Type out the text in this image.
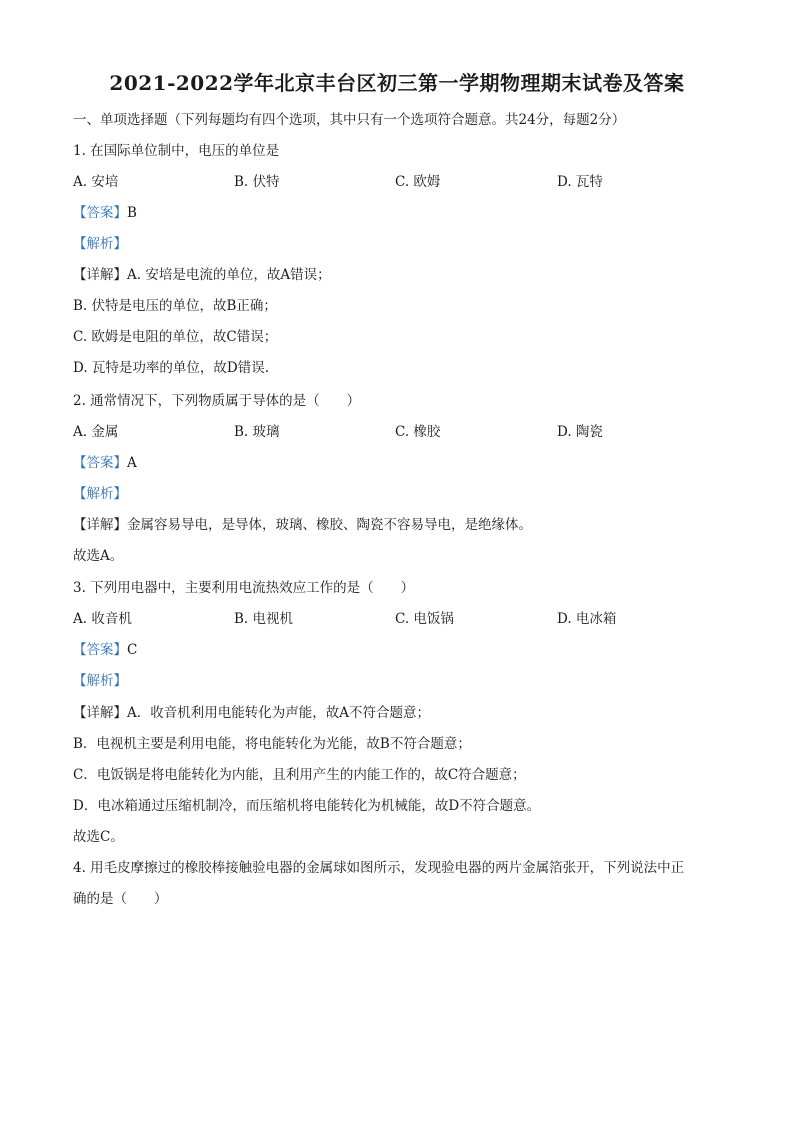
2021-2022学年北京丰台区初三第一学期物理期末试卷及答案
一、单项选择题（下列每题均有四个选项，其中只有一个选项符合题意。共24分，每题2分）
1. 在国际单位制中，电压的单位是
A. 安培	B. 伏特	C. 欧姆	D. 瓦特
【答案】B
【解析】
【详解】A. 安培是电流的单位，故A错误；
B. 伏特是电压的单位，故B正确；
C. 欧姆是电阻的单位，故C错误；
D. 瓦特是功率的单位，故D错误.
2. 通常情况下，下列物质属于导体的是（　　）
A. 金属	B. 玻璃	C. 橡胶	D. 陶瓷
【答案】A
【解析】
【详解】金属容易导电，是导体，玻璃、橡胶、陶瓷不容易导电，是绝缘体。
故选A。
3. 下列用电器中，主要利用电流热效应工作的是（　　）
A. 收音机	B. 电视机	C. 电饭锅	D. 电冰箱
【答案】C
【解析】
【详解】A．收音机利用电能转化为声能，故A不符合题意；
B．电视机主要是利用电能，将电能转化为光能，故B不符合题意；
C．电饭锅是将电能转化为内能，且利用产生的内能工作的，故C符合题意；
D．电冰箱通过压缩机制冷，而压缩机将电能转化为机械能，故D不符合题意。
故选C。
4. 用毛皮摩擦过的橡胶棒接触验电器的金属球如图所示，发现验电器的两片金属箔张开，下列说法中正
确的是（　　）
